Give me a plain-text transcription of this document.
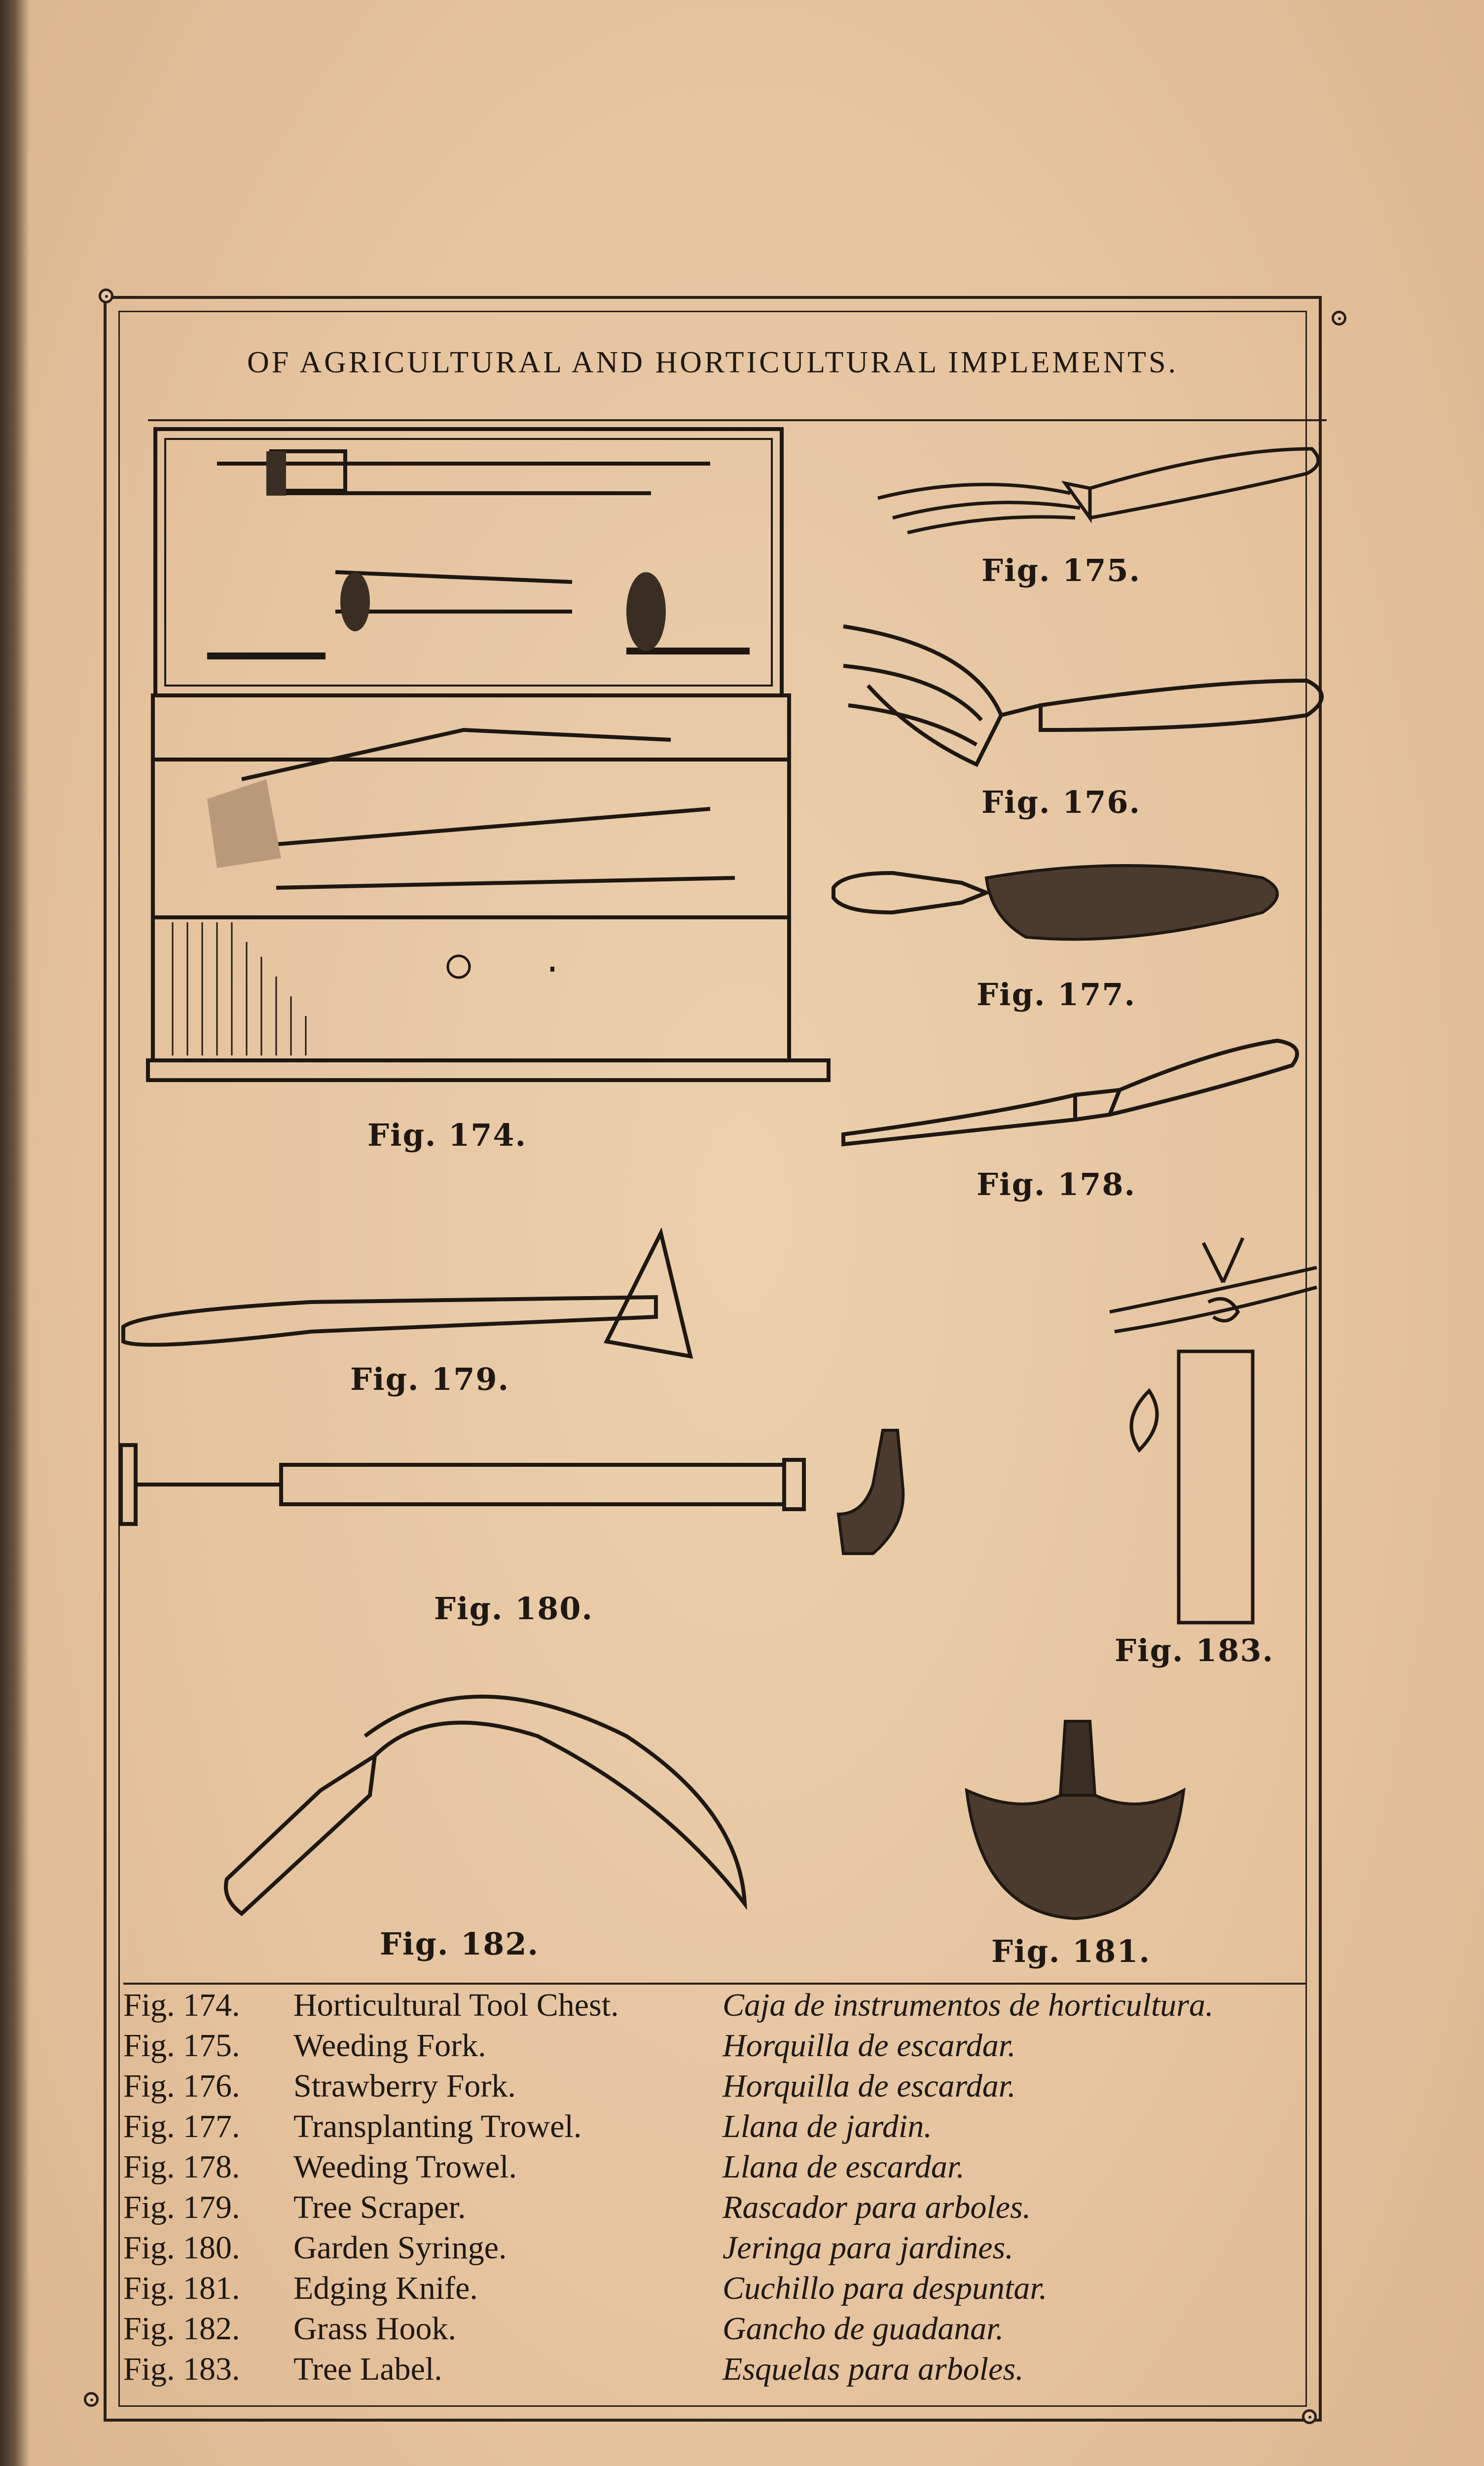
OF AGRICULTURAL AND HORTICULTURAL IMPLEMENTS.
Fig. 174.
Fig. 175.
Fig. 176.
Fig. 177.
Fig. 178.
Fig. 179.
Fig. 180.
Fig. 183.
Fig. 182.	Fig. 181.
Fig. 174.	Horticultural Tool Chest.	Caja de instrumentos de horticultura.
Fig. 175.	Weeding Fork.	Horquilla de escardar.
Fig. 176.	Strawberry Fork.	Horquilla de escardar.
Fig. 177.	Transplanting Trowel.	Llana de jardin.
Fig. 178.	Weeding Trowel.	Llana de escardar.
Fig. 179.	Tree Scraper.	Rascador para arboles.
Fig. 180.	Garden Syringe.	Jeringa para jardines.
Fig. 181.	Edging Knife.	Cuchillo para despuntar.
Fig. 182.	Grass Hook.	Gancho de guadanar.
Fig. 183.	Tree Label.	Esquelas para arboles.
